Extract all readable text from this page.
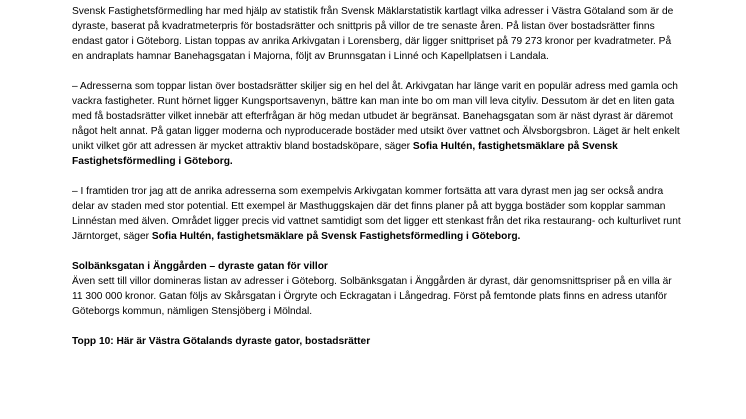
Svensk Fastighetsförmedling har med hjälp av statistik från Svensk Mäklarstatistik kartlagt vilka adresser i Västra Götaland som är de dyraste, baserat på kvadratmeterpris för bostadsrätter och snittpris på villor de tre senaste åren. På listan över bostadsrätter finns endast gator i Göteborg. Listan toppas av anrika Arkivgatan i Lorensberg, där ligger snittpriset på 79 273 kronor per kvadratmeter. På en andraplats hamnar Banehagsgatan i Majorna, följt av Brunnsgatan i Linné och Kapellplatsen i Landala.

– Adresserna som toppar listan över bostadsrätter skiljer sig en hel del åt. Arkivgatan har länge varit en populär adress med gamla och vackra fastigheter. Runt hörnet ligger Kungsportsavenyn, bättre kan man inte bo om man vill leva cityliv. Dessutom är det en liten gata med få bostadsrätter vilket innebär att efterfrågan är hög medan utbudet är begränsat. Banehagsgatan som är näst dyrast är däremot något helt annat. På gatan ligger moderna och nyproducerade bostäder med utsikt över vattnet och Älvsborgsbron. Läget är helt enkelt unikt vilket gör att adressen är mycket attraktiv bland bostadsköpare, säger Sofia Hultén, fastighetsmäklare på Svensk Fastighetsförmedling i Göteborg.

– I framtiden tror jag att de anrika adresserna som exempelvis Arkivgatan kommer fortsätta att vara dyrast men jag ser också andra delar av staden med stor potential. Ett exempel är Masthuggskajen där det finns planer på att bygga bostäder som kopplar samman Linnéstan med älven. Området ligger precis vid vattnet samtidigt som det ligger ett stenkast från det rika restaurang- och kulturlivet runt Järntorget, säger Sofia Hultén, fastighetsmäklare på Svensk Fastighetsförmedling i Göteborg.

Solbänksgatan i Änggården – dyraste gatan för villor

Även sett till villor domineras listan av adresser i Göteborg. Solbänksgatan i Änggården är dyrast, där genomsnittspriser på en villa är 11 300 000 kronor. Gatan följs av Skårsgatan i Örgryte och Eckragatan i Långedrag. Först på femtonde plats finns en adress utanför Göteborgs kommun, nämligen Stensjöberg i Mölndal.

Topp 10: Här är Västra Götalands dyraste gator, bostadsrätter
